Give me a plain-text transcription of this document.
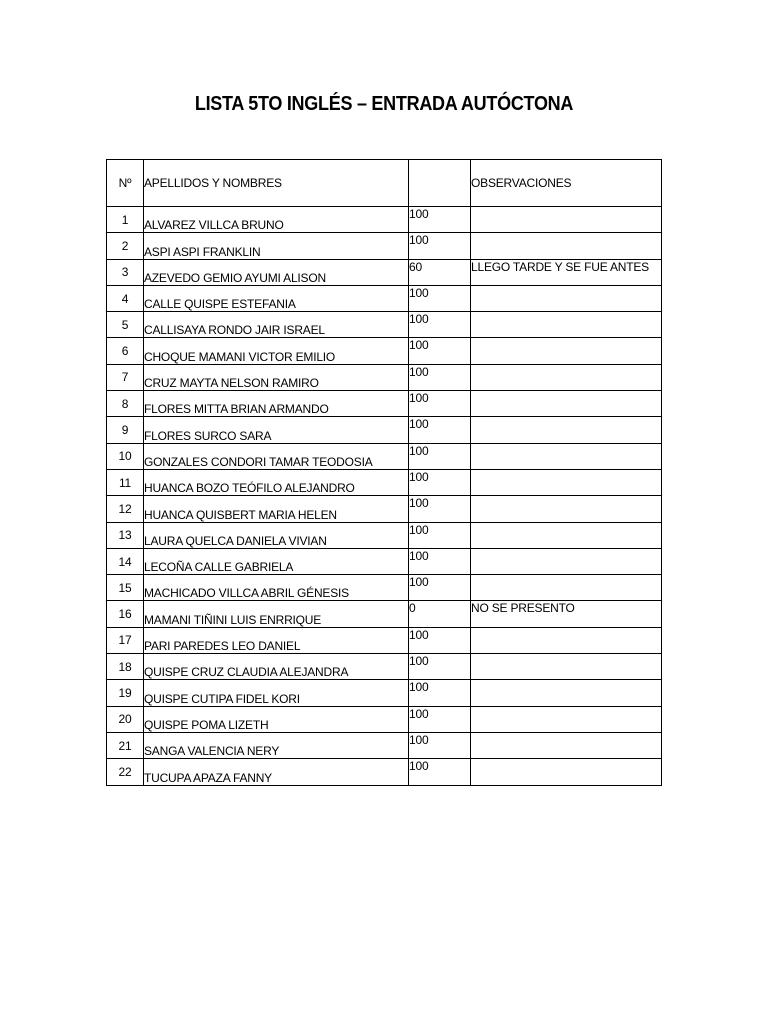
LISTA 5TO INGLÉS – ENTRADA AUTÓCTONA
Nº	APELLIDOS Y NOMBRES		OBSERVACIONES
1	ALVAREZ VILLCA BRUNO	100	
2	ASPI ASPI FRANKLIN	100	
3	AZEVEDO GEMIO AYUMI ALISON	60	LLEGO TARDE Y SE FUE ANTES
4	CALLE QUISPE ESTEFANIA	100	
5	CALLISAYA RONDO JAIR ISRAEL	100	
6	CHOQUE MAMANI VICTOR EMILIO	100	
7	CRUZ MAYTA NELSON RAMIRO	100	
8	FLORES MITTA BRIAN ARMANDO	100	
9	FLORES SURCO SARA	100	
10	GONZALES CONDORI TAMAR TEODOSIA	100	
11	HUANCA BOZO TEÓFILO ALEJANDRO	100	
12	HUANCA QUISBERT MARIA HELEN	100	
13	LAURA QUELCA DANIELA VIVIAN	100	
14	LECOÑA CALLE GABRIELA	100	
15	MACHICADO VILLCA ABRIL GÉNESIS	100	
16	MAMANI TIÑINI LUIS ENRRIQUE	0	NO SE PRESENTO
17	PARI PAREDES LEO DANIEL	100	
18	QUISPE CRUZ CLAUDIA ALEJANDRA	100	
19	QUISPE CUTIPA FIDEL KORI	100	
20	QUISPE POMA LIZETH	100	
21	SANGA VALENCIA NERY	100	
22	TUCUPA APAZA FANNY	100	
